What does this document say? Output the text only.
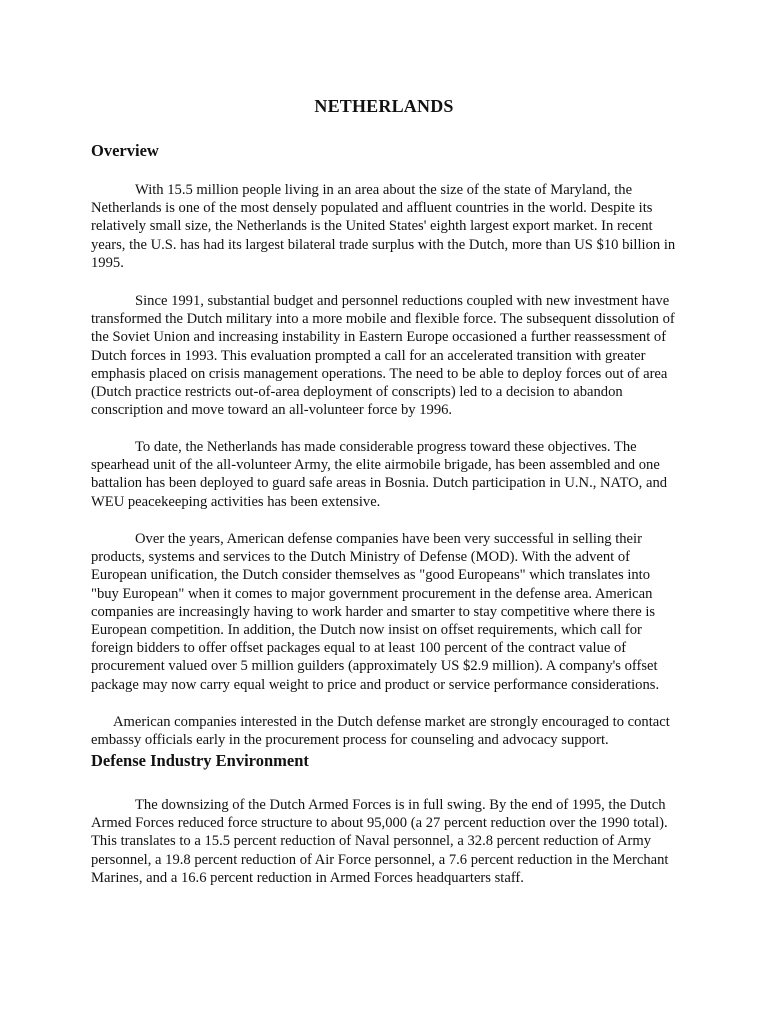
NETHERLANDS
Overview

With 15.5 million people living in an area about the size of the state of Maryland, the Netherlands is one of the most densely populated and affluent countries in the world. Despite its relatively small size, the Netherlands is the United States' eighth largest export market. In recent years, the U.S. has had its largest bilateral trade surplus with the Dutch, more than US $10 billion in 1995.

Since 1991, substantial budget and personnel reductions coupled with new investment have transformed the Dutch military into a more mobile and flexible force. The subsequent dissolution of the Soviet Union and increasing instability in Eastern Europe occasioned a further reassessment of Dutch forces in 1993. This evaluation prompted a call for an accelerated transition with greater emphasis placed on crisis management operations. The need to be able to deploy forces out of area (Dutch practice restricts out-of-area deployment of conscripts) led to a decision to abandon conscription and move toward an all-volunteer force by 1996.

To date, the Netherlands has made considerable progress toward these objectives. The spearhead unit of the all-volunteer Army, the elite airmobile brigade, has been assembled and one battalion has been deployed to guard safe areas in Bosnia. Dutch participation in U.N., NATO, and WEU peacekeeping activities has been extensive.

Over the years, American defense companies have been very successful in selling their products, systems and services to the Dutch Ministry of Defense (MOD). With the advent of European unification, the Dutch consider themselves as "good Europeans" which translates into "buy European" when it comes to major government procurement in the defense area. American companies are increasingly having to work harder and smarter to stay competitive where there is European competition. In addition, the Dutch now insist on offset requirements, which call for foreign bidders to offer offset packages equal to at least 100 percent of the contract value of procurement valued over 5 million guilders (approximately US $2.9 million). A company's offset package may now carry equal weight to price and product or service performance considerations.

American companies interested in the Dutch defense market are strongly encouraged to contact embassy officials early in the procurement process for counseling and advocacy support.

Defense Industry Environment

The downsizing of the Dutch Armed Forces is in full swing. By the end of 1995, the Dutch Armed Forces reduced force structure to about 95,000 (a 27 percent reduction over the 1990 total). This translates to a 15.5 percent reduction of Naval personnel, a 32.8 percent reduction of Army personnel, a 19.8 percent reduction of Air Force personnel, a 7.6 percent reduction in the Merchant Marines, and a 16.6 percent reduction in Armed Forces headquarters staff.
